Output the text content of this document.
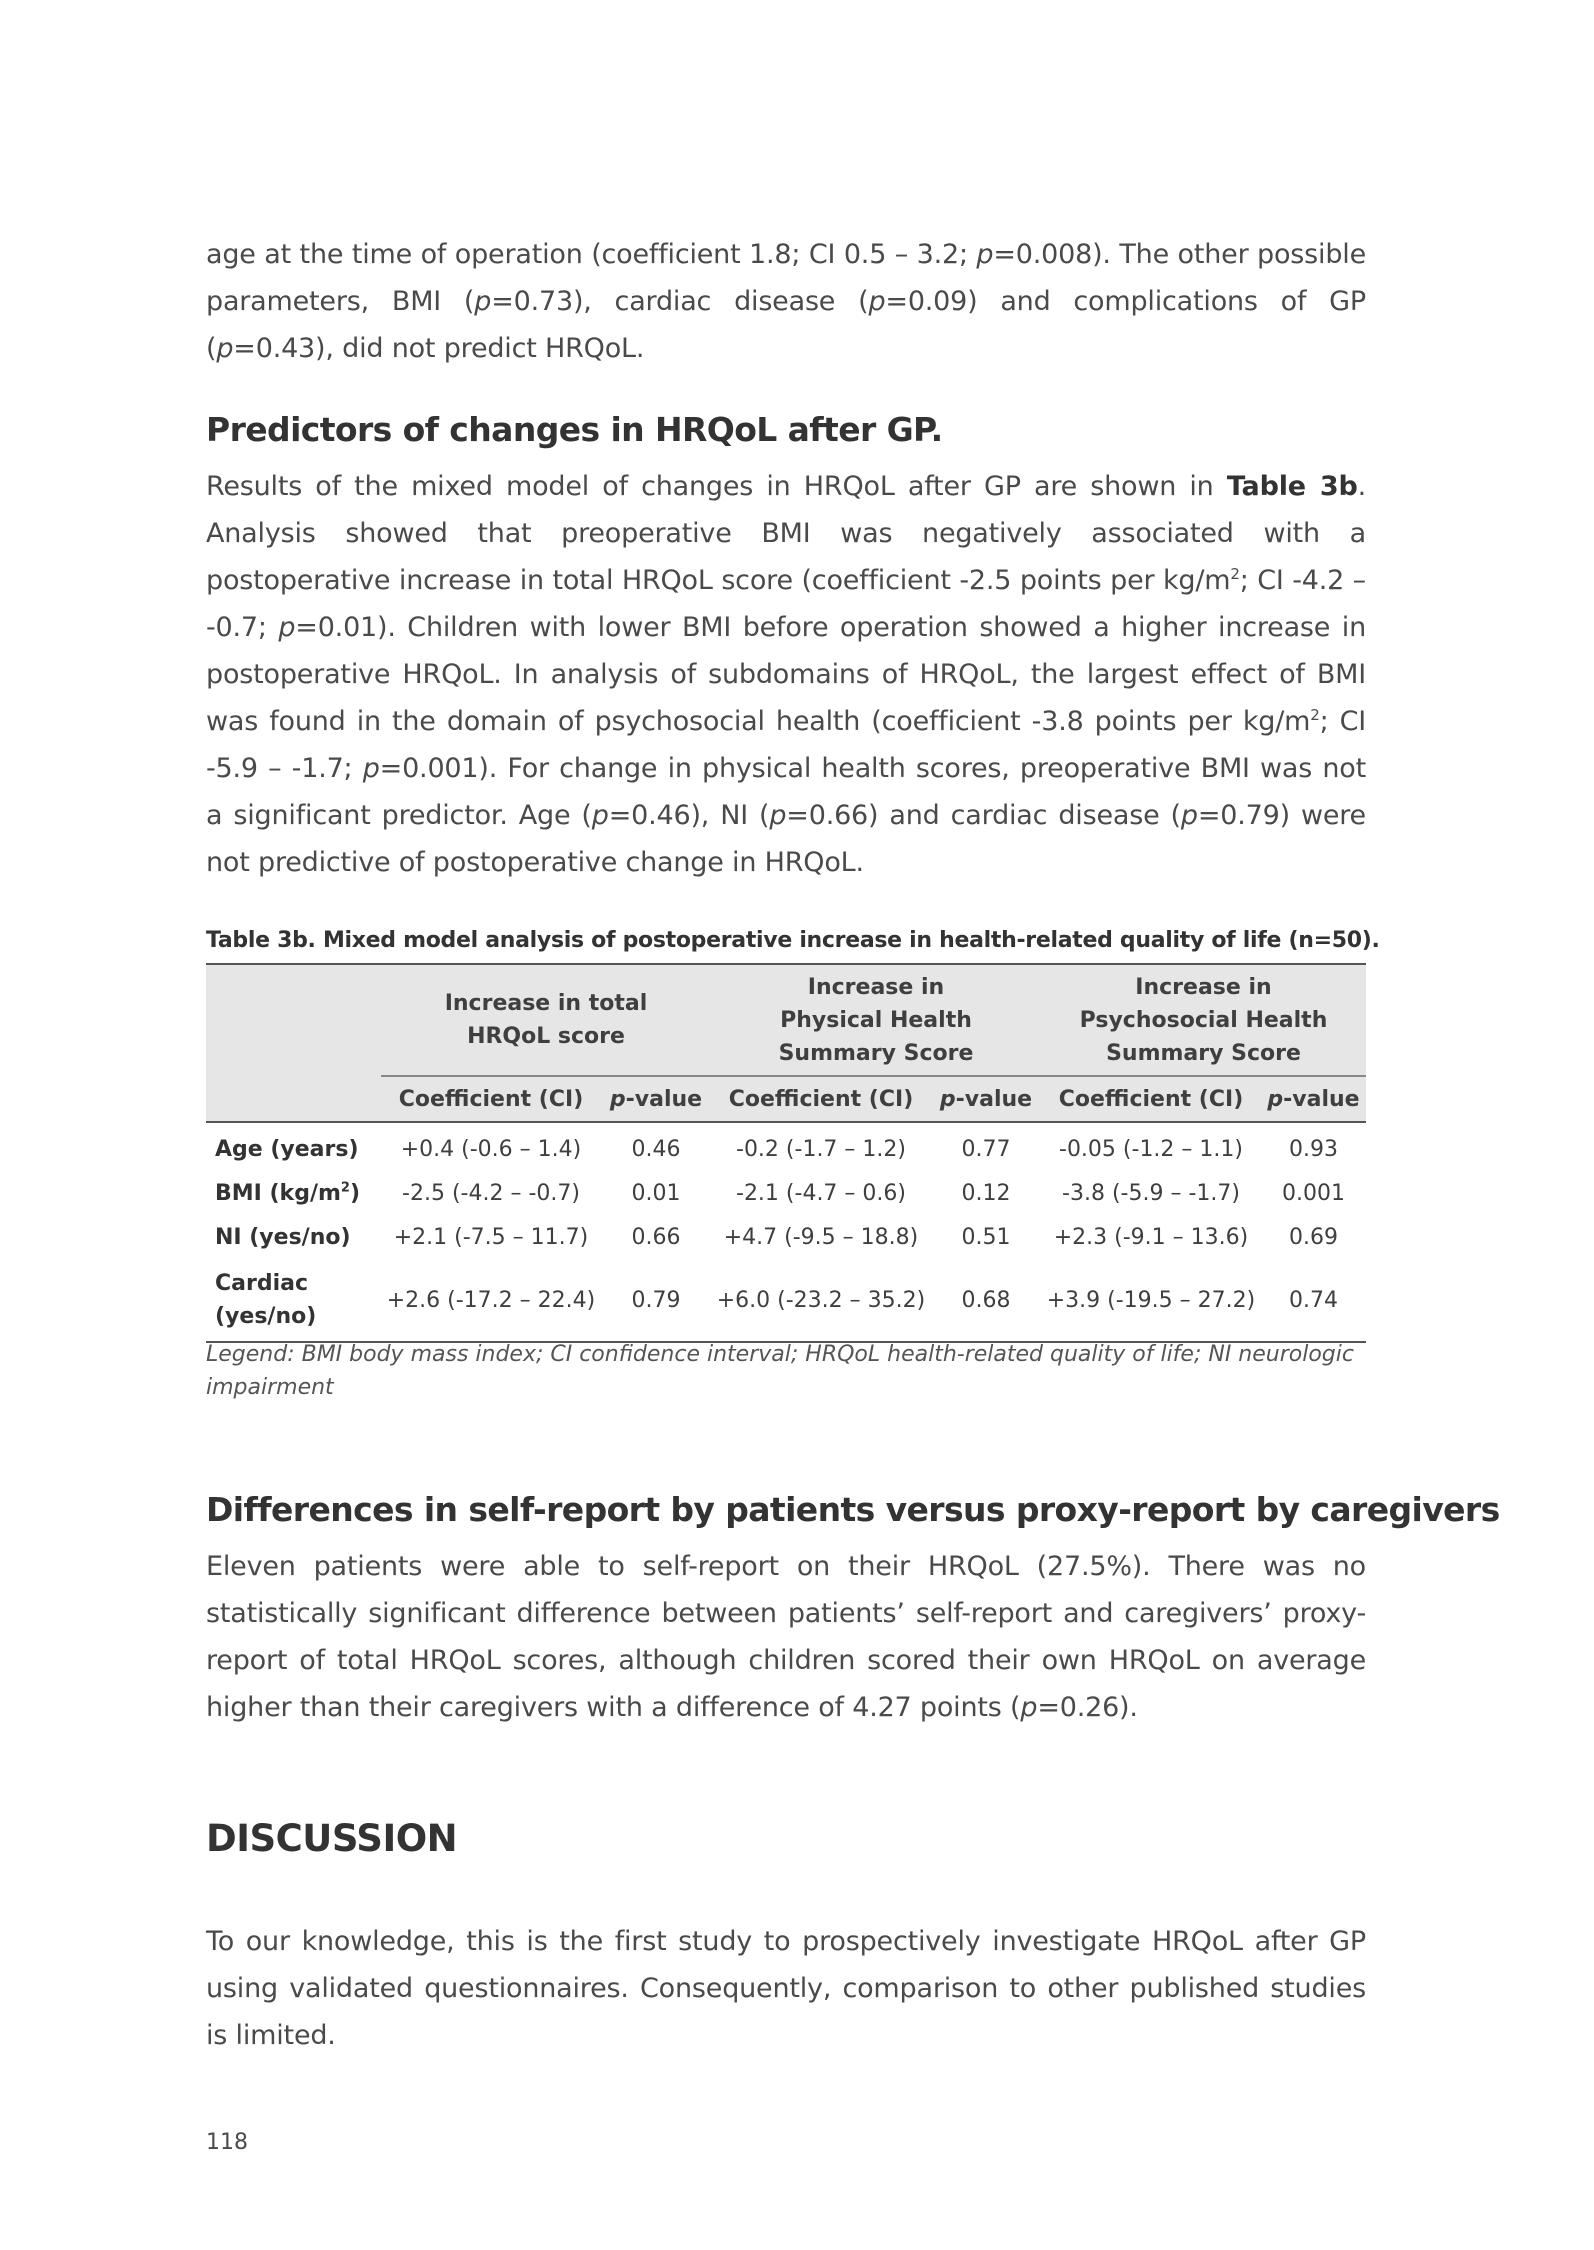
age at the time of operation (coefficient 1.8; CI 0.5 – 3.2; p=0.008). The other possible parameters, BMI (p=0.73), cardiac disease (p=0.09) and complications of GP (p=0.43), did not predict HRQoL.

Predictors of changes in HRQoL after GP.

Results of the mixed model of changes in HRQoL after GP are shown in Table 3b. Analysis showed that preoperative BMI was negatively associated with a postoperative increase in total HRQoL score (coefficient -2.5 points per $kg/m^2$; CI -4.2 – -0.7; p=0.01). Children with lower BMI before operation showed a higher increase in postoperative HRQoL. In analysis of subdomains of HRQoL, the largest effect of BMI was found in the domain of psychosocial health (coefficient -3.8 points per $kg/m^2$; CI -5.9 – -1.7; p=0.001). For change in physical health scores, preoperative BMI was not a significant predictor. Age (p=0.46), NI (p=0.66) and cardiac disease (p=0.79) were not predictive of postoperative change in HRQoL.

Table 3b. Mixed model analysis of postoperative increase in health-related quality of life (n=50).

	Increase in total
HRQoL score		Increase in
Physical Health
Summary Score		Increase in
Psychosocial Health
Summary Score	
	Coefficient (CI)	p-value	Coefficient (CI)	p-value	Coefficient (CI)	p-value
Age (years)	+0.4 (-0.6 – 1.4)	0.46	-0.2 (-1.7 – 1.2)	0.77	-0.05 (-1.2 – 1.1)	0.93
BMI $(kg/m^2)$	-2.5 (-4.2 – -0.7)	0.01	-2.1 (-4.7 – 0.6)	0.12	-3.8 (-5.9 – -1.7)	0.001
NI (yes/no)	+2.1 (-7.5 – 11.7)	0.66	+4.7 (-9.5 – 18.8)	0.51	+2.3 (-9.1 – 13.6)	0.69
Cardiac
(yes/no)	+2.6 (-17.2 – 22.4)	0.79	+6.0 (-23.2 – 35.2)	0.68	+3.9 (-19.5 – 27.2)	0.74

Legend: BMI body mass index; CI confidence interval; HRQoL health-related quality of life; NI neurologic impairment

Differences in self-report by patients versus proxy-report by caregivers

Eleven patients were able to self-report on their HRQoL (27.5%). There was no statistically significant difference between patients’ self-report and caregivers’ proxy-report of total HRQoL scores, although children scored their own HRQoL on average higher than their caregivers with a difference of 4.27 points (p=0.26).

DISCUSSION

To our knowledge, this is the first study to prospectively investigate HRQoL after GP using validated questionnaires. Consequently, comparison to other published studies is limited.

118
